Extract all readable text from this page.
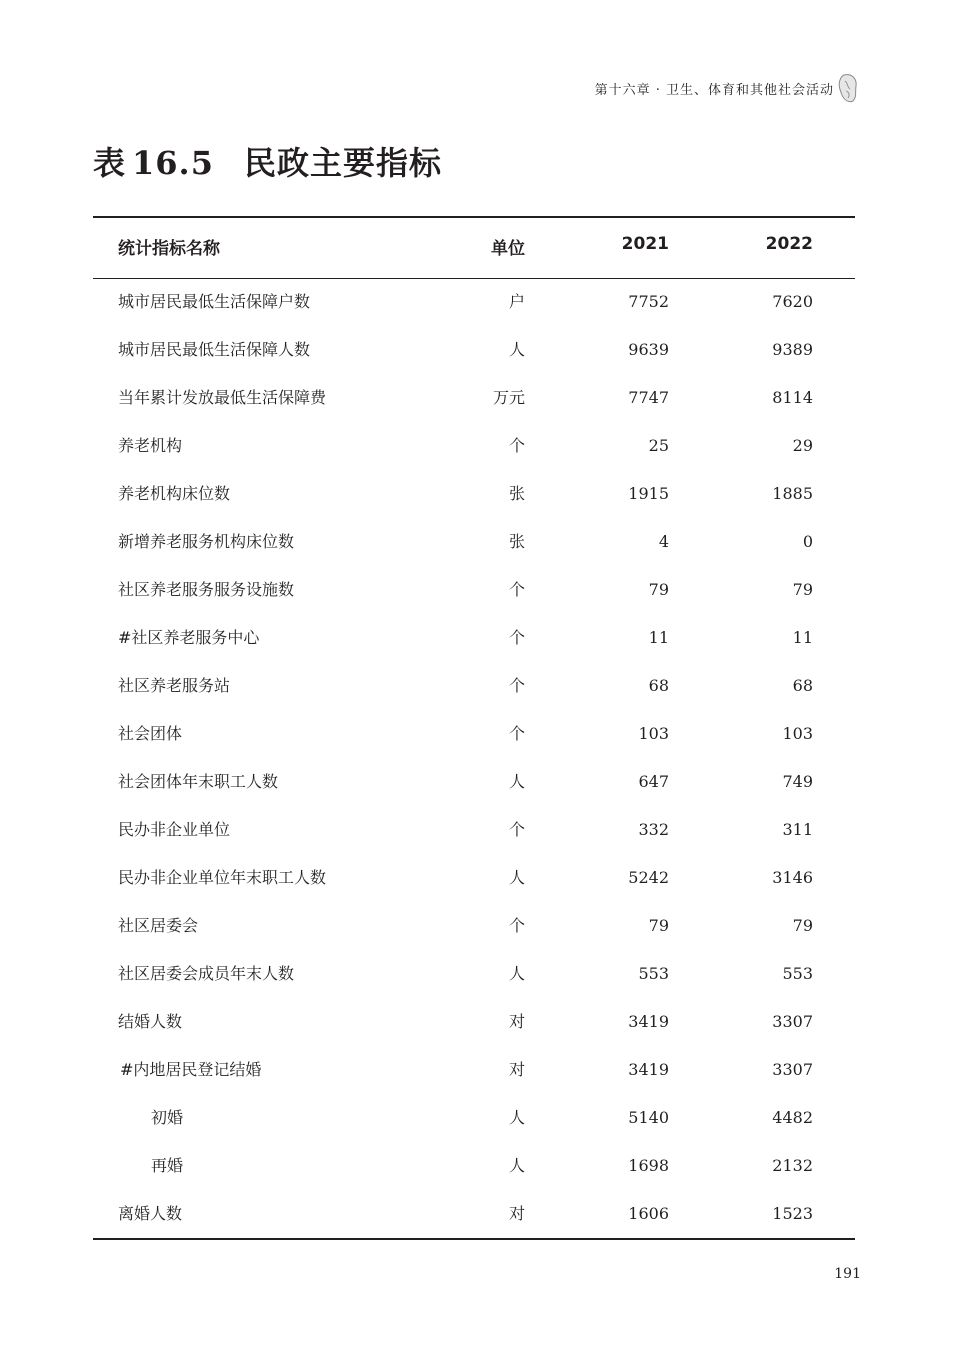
第十六章 · 卫生、体育和其他社会活动
表 16.5 民政主要指标
统计指标名称	单位	2021	2022
城市居民最低生活保障户数	户	7752	7620
城市居民最低生活保障人数	人	9639	9389
当年累计发放最低生活保障费	万元	7747	8114
养老机构	个	25	29
养老机构床位数	张	1915	1885
新增养老服务机构床位数	张	4	0
社区养老服务服务设施数	个	79	79
#社区养老服务中心	个	11	11
社区养老服务站	个	68	68
社会团体	个	103	103
社会团体年末职工人数	人	647	749
民办非企业单位	个	332	311
民办非企业单位年末职工人数	人	5242	3146
社区居委会	个	79	79
社区居委会成员年末人数	人	553	553
结婚人数	对	3419	3307
#内地居民登记结婚	对	3419	3307
初婚	人	5140	4482
再婚	人	1698	2132
离婚人数	对	1606	1523
191
